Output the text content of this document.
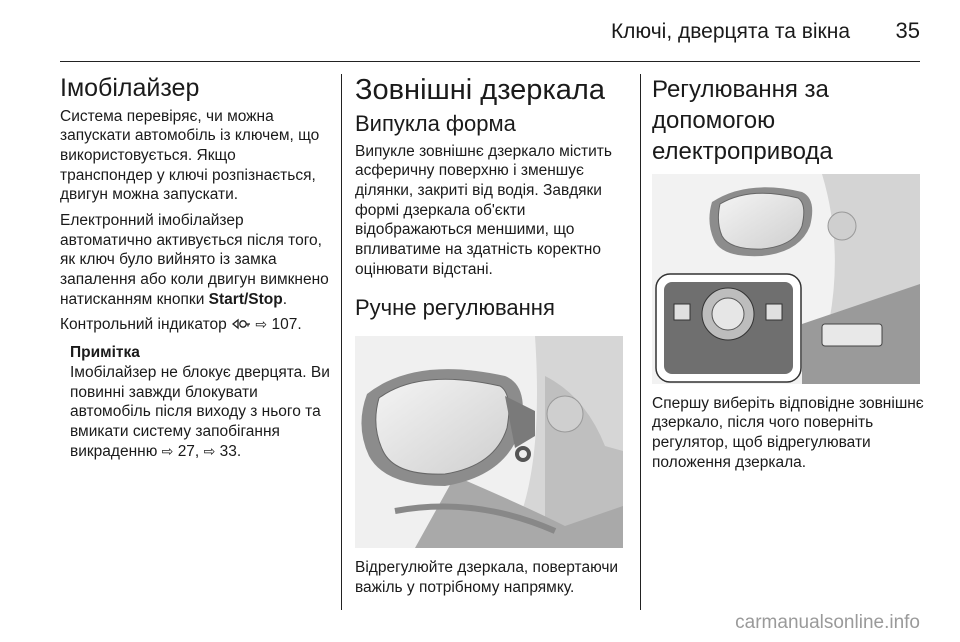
Ключі, дверцята та вікна 35
Імобілайзер

Система перевіряє, чи можна запускати автомобіль із ключем, що використовується. Якщо транспондер у ключі розпізнається, двигун можна запускати.

Електронний імобілайзер автоматично активується після того, як ключ було вийнято із замка запалення або коли двигун вимкнено натисканням кнопки Start/Stop.

Контрольний індикатор ⇨ 107.

Примітка

Імобілайзер не блокує дверцята. Ви повинні завжди блокувати автомобіль після виходу з нього та вмикати систему запобігання викраденню ⇨ 27, ⇨ 33.

Зовнішні дзеркала
Випукла форма

Випукле зовнішнє дзеркало містить асферичну поверхню і зменшує ділянки, закриті від водія. Завдяки формі дзеркала об'єкти відображаються меншими, що впливатиме на здатність коректно оцінювати відстані.

Ручне регулювання

Відрегулюйте дзеркала, повертаючи важіль у потрібному напрямку.

Регулювання за допомогою електропривода

Спершу виберіть відповідне зовнішнє дзеркало, після чого поверніть регулятор, щоб відрегулювати положення дзеркала.

carmanualsonline.info
